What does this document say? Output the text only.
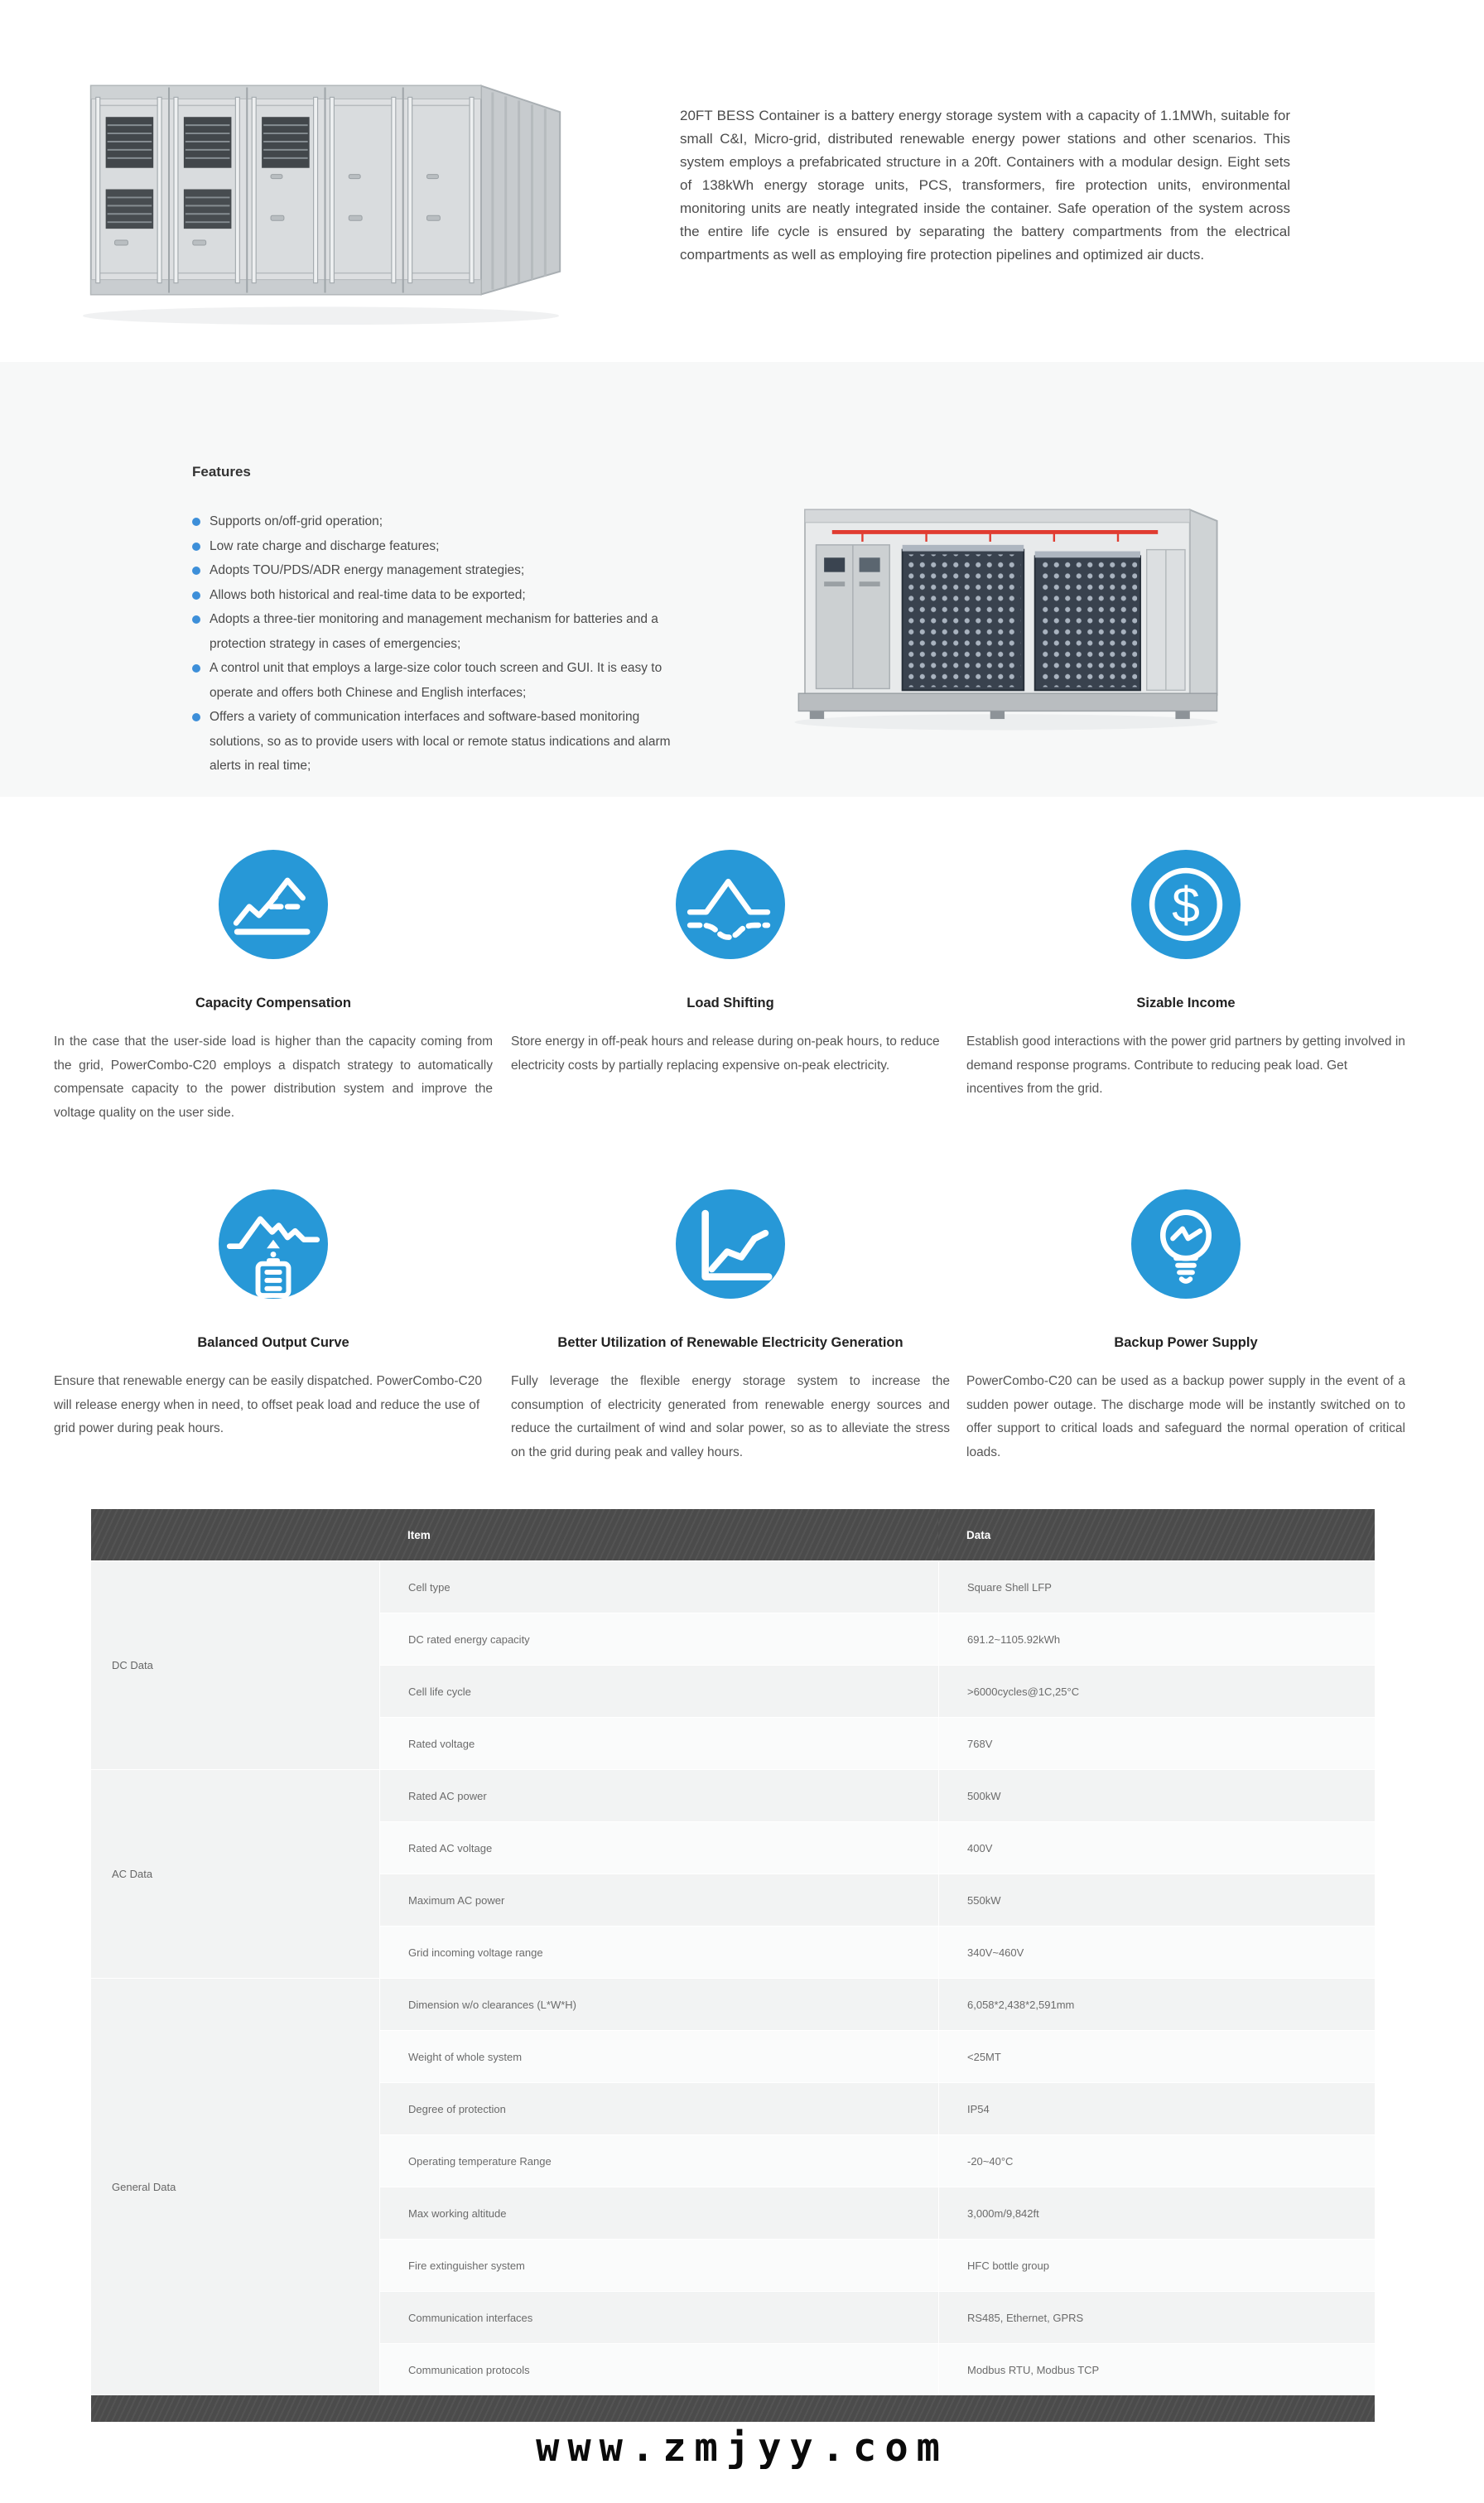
20FT BESS Container is a battery energy storage system with a capacity of 1.1MWh, suitable for small C&I, Micro-grid, distributed renewable energy power stations and other scenarios. This system employs a prefabricated structure in a 20ft. Containers with a modular design. Eight sets of 138kWh energy storage units, PCS, transformers, fire protection units, environmental monitoring units are neatly integrated inside the container. Safe operation of the system across the entire life cycle is ensured by separating the battery compartments from the electrical compartments as well as employing fire protection pipelines and optimized air ducts.

Features
Supports on/off-grid operation;
Low rate charge and discharge features;
Adopts TOU/PDS/ADR energy management strategies;
Allows both historical and real-time data to be exported;
Adopts a three-tier monitoring and management mechanism for batteries and a protection strategy in cases of emergencies;
A control unit that employs a large-size color touch screen and GUI. It is easy to operate and offers both Chinese and English interfaces;
Offers a variety of communication interfaces and software-based monitoring solutions, so as to provide users with local or remote status indications and alarm alerts in real time;
Capacity Compensation

In the case that the user-side load is higher than the capacity coming from the grid, PowerCombo-C20 employs a dispatch strategy to automatically compensate capacity to the power distribution system and improve the voltage quality on the user side.

Load Shifting

Store energy in off-peak hours and release during on-peak hours, to reduce electricity costs by partially replacing expensive on-peak electricity.

$
Sizable Income

Establish good interactions with the power grid partners by getting involved in demand response programs. Contribute to reducing peak load. Get incentives from the grid.

Balanced Output Curve

Ensure that renewable energy can be easily dispatched. PowerCombo-C20 will release energy when in need, to offset peak load and reduce the use of grid power during peak hours.

Better Utilization of Renewable Electricity Generation

Fully leverage the flexible energy storage system to increase the consumption of electricity generated from renewable energy sources and reduce the curtailment of wind and solar power, so as to alleviate the stress on the grid during peak and valley hours.

Backup Power Supply

PowerCombo-C20 can be used as a backup power supply in the event of a sudden power outage. The discharge mode will be instantly switched on to offer support to critical loads and safeguard the normal operation of critical loads.

	Item	Data
DC Data	Cell type	Square Shell LFP
	DC rated energy capacity	691.2~1105.92kWh
	Cell life cycle	>6000cycles@1C,25°C
	Rated voltage	768V
AC Data	Rated AC power	500kW
	Rated AC voltage	400V
	Maximum AC power	550kW
	Grid incoming voltage range	340V~460V
General Data	Dimension w/o clearances (L*W*H)	6,058*2,438*2,591mm
	Weight of whole system	<25MT
	Degree of protection	IP54
	Operating temperature Range	-20~40°C
	Max working altitude	3,000m/9,842ft
	Fire extinguisher system	HFC bottle group
	Communication interfaces	RS485, Ethernet, GPRS
	Communication protocols	Modbus RTU, Modbus TCP
www.zmjyy.com
